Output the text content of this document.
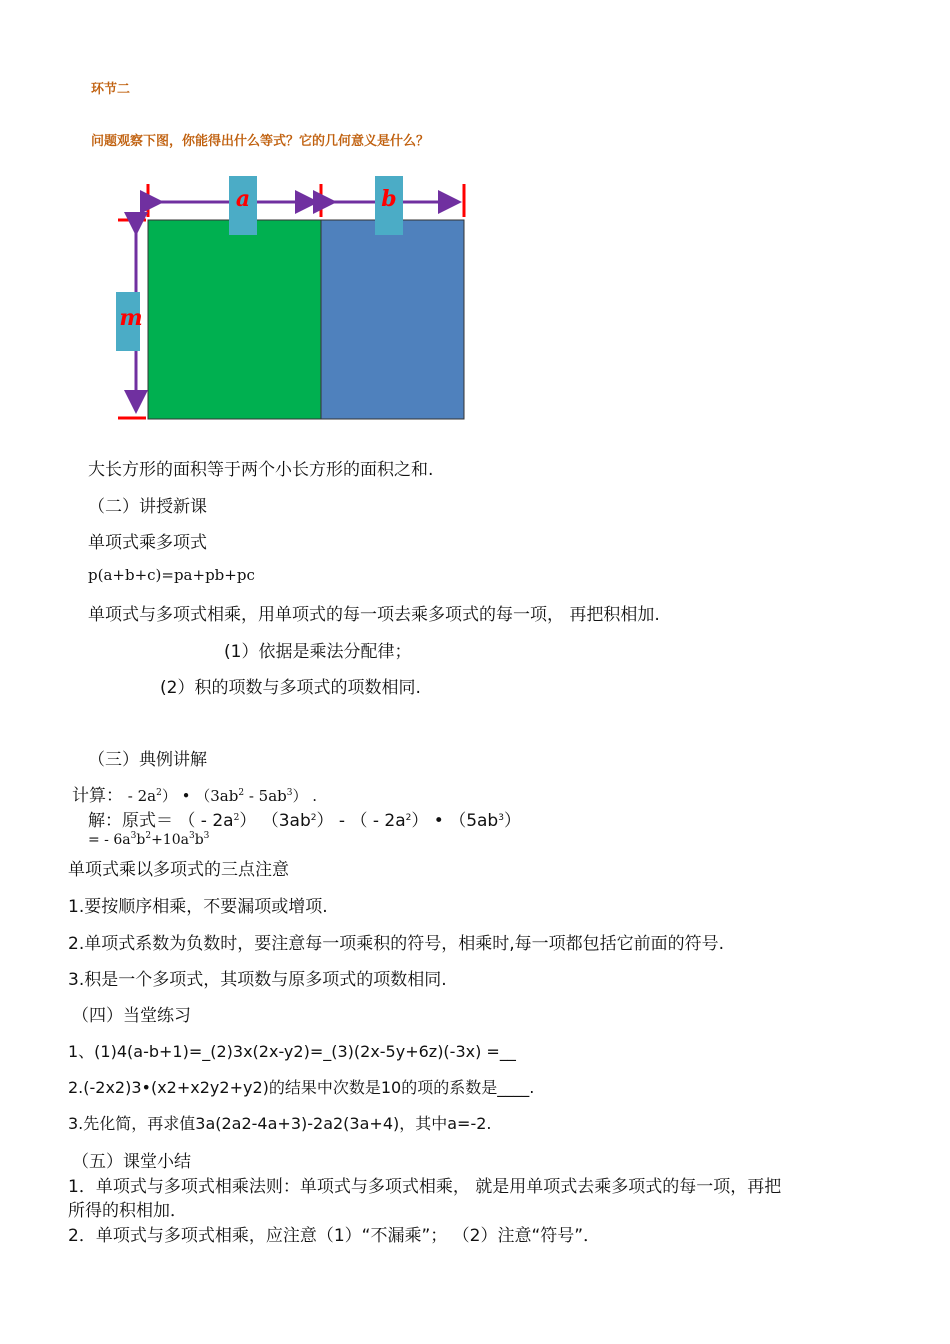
环节二
问题观察下图，你能得出什么等式？它的几何意义是什么？
a	b
m
大长方形的面积等于两个小长方形的面积之和.
（二）讲授新课
单项式乘多项式
p(a+b+c)=pa+pb+pc
单项式与多项式相乘，用单项式的每一项去乘多项式的每一项， 再把积相加.
(1）依据是乘法分配律；
(2）积的项数与多项式的项数相同.
（三）典例讲解
计算： - $2a^2$） • $(3ab^2 - 5ab^3)$ .
解：原式＝ （ - $2a^2$） $(3ab^2)$ - （ - $2a^2$） • $(5ab^3)$
= - $6a^3b^2+10a^3b^3$
单项式乘以多项式的三点注意
1.要按顺序相乘，不要漏项或增项.
2.单项式系数为负数时，要注意每一项乘积的符号，相乘时,每一项都包括它前面的符号.
3.积是一个多项式，其项数与原多项式的项数相同.
（四）当堂练习
1、(1)4(a-b+1)=_(2)3x(2x-y2)=_(3)(2x-5y+6z)(-3x) =__
2.(-2x2)3•(x2+x2y2+y2)的结果中次数是10的项的系数是____.
3.先化简，再求值3a(2a2-4a+3)-2a2(3a+4)，其中a=-2.
（五）课堂小结
1．单项式与多项式相乘法则：单项式与多项式相乘， 就是用单项式去乘多项式的每一项，再把
所得的积相加．
2．单项式与多项式相乘，应注意（1）“不漏乘”； （2）注意“符号”．
